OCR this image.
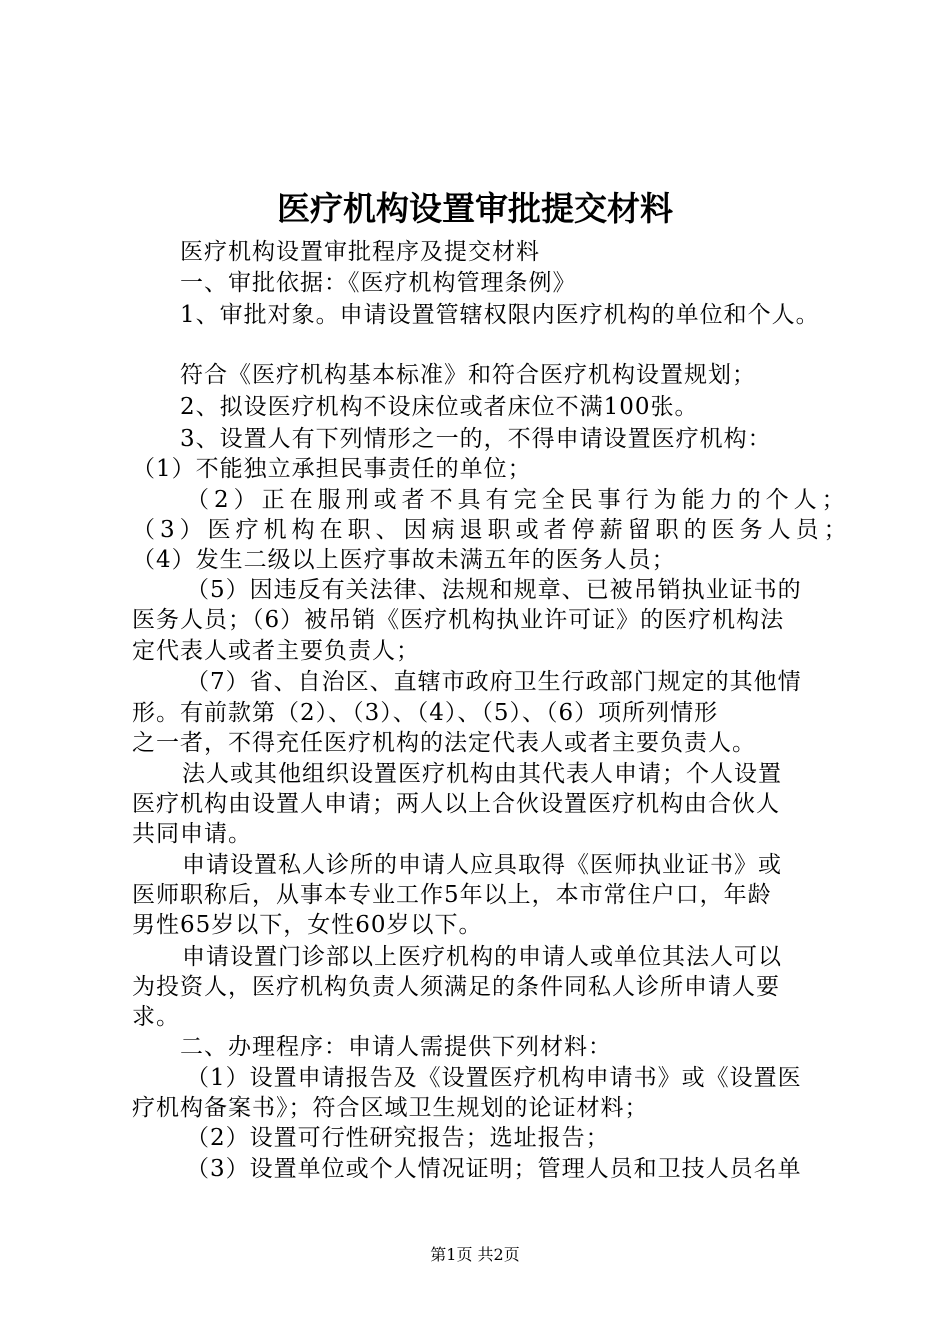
医疗机构设置审批提交材料
医疗机构设置审批程序及提交材料
一、审批依据：《医疗机构管理条例》
1、审批对象。申请设置管辖权限内医疗机构的单位和个人。
符合《医疗机构基本标准》和符合医疗机构设置规划；
2、拟设医疗机构不设床位或者床位不满100张。
3、设置人有下列情形之一的，不得申请设置医疗机构：
（1）不能独立承担民事责任的单位；
（2）正在服刑或者不具有完全民事行为能力的个人；
（3）医疗机构在职、因病退职或者停薪留职的医务人员；
（4）发生二级以上医疗事故未满五年的医务人员；
（5）因违反有关法律、法规和规章、已被吊销执业证书的
医务人员；（6）被吊销《医疗机构执业许可证》的医疗机构法
定代表人或者主要负责人；
（7）省、自治区、直辖市政府卫生行政部门规定的其他情
形。有前款第（2）、（3）、（4）、（5）、（6）项所列情形
之一者，不得充任医疗机构的法定代表人或者主要负责人。
法人或其他组织设置医疗机构由其代表人申请；个人设置
医疗机构由设置人申请；两人以上合伙设置医疗机构由合伙人
共同申请。
申请设置私人诊所的申请人应具取得《医师执业证书》或
医师职称后，从事本专业工作5年以上，本市常住户口，年龄
男性65岁以下，女性60岁以下。
申请设置门诊部以上医疗机构的申请人或单位其法人可以
为投资人，医疗机构负责人须满足的条件同私人诊所申请人要
求。
二、办理程序：申请人需提供下列材料：
（1）设置申请报告及《设置医疗机构申请书》或《设置医
疗机构备案书》；符合区域卫生规划的论证材料；
（2）设置可行性研究报告；选址报告；
（3）设置单位或个人情况证明；管理人员和卫技人员名单
第1页 共2页
